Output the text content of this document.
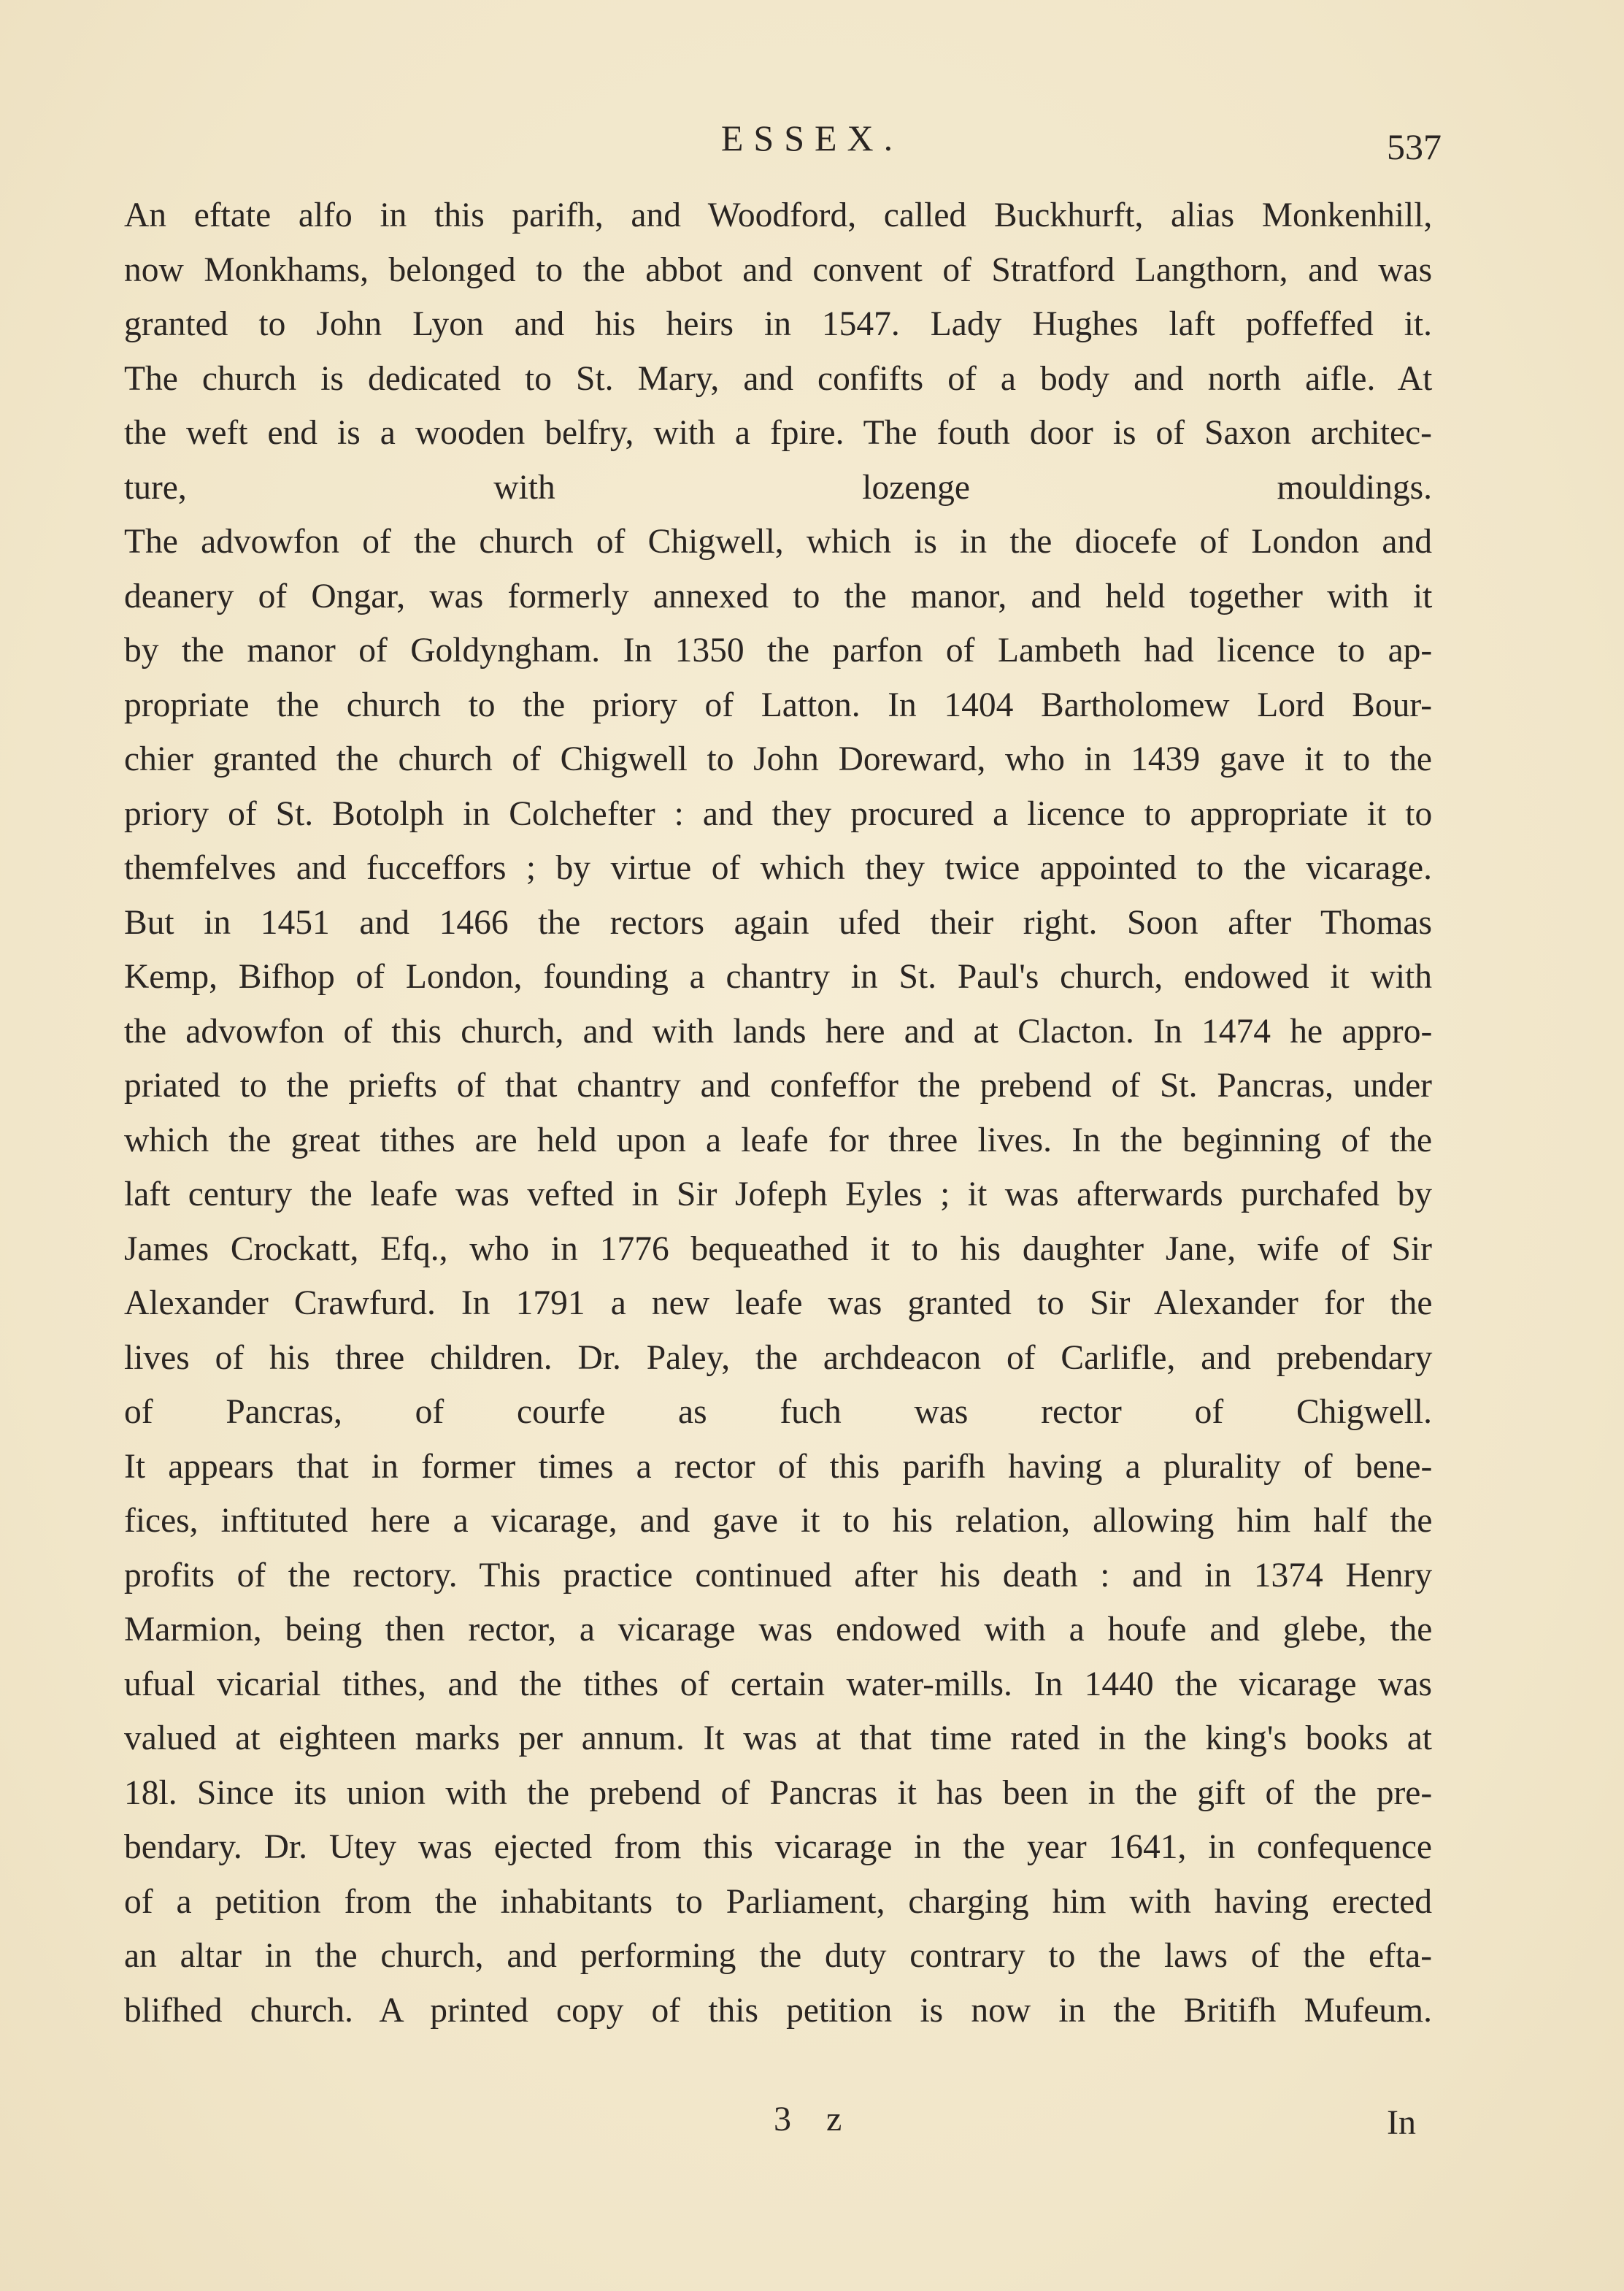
ESSEX.	537
An eftate alfo in this parifh, and Woodford, called Buckhurft, alias Monkenhill,
now Monkhams, belonged to the abbot and convent of Stratford Langthorn, and was
granted to John Lyon and his heirs in 1547. Lady Hughes laft poffeffed it.
The church is dedicated to St. Mary, and confifts of a body and north aifle. At
the weft end is a wooden belfry, with a fpire. The fouth door is of Saxon architec-
ture, with lozenge mouldings.
The advowfon of the church of Chigwell, which is in the diocefe of London and
deanery of Ongar, was formerly annexed to the manor, and held together with it
by the manor of Goldyngham. In 1350 the parfon of Lambeth had licence to ap-
propriate the church to the priory of Latton. In 1404 Bartholomew Lord Bour-
chier granted the church of Chigwell to John Doreward, who in 1439 gave it to the
priory of St. Botolph in Colchefter : and they procured a licence to appropriate it to
themfelves and fucceffors ; by virtue of which they twice appointed to the vicarage.
But in 1451 and 1466 the rectors again ufed their right. Soon after Thomas
Kemp, Bifhop of London, founding a chantry in St. Paul's church, endowed it with
the advowfon of this church, and with lands here and at Clacton. In 1474 he appro-
priated to the priefts of that chantry and confeffor the prebend of St. Pancras, under
which the great tithes are held upon a leafe for three lives. In the beginning of the
laft century the leafe was vefted in Sir Jofeph Eyles ; it was afterwards purchafed by
James Crockatt, Efq., who in 1776 bequeathed it to his daughter Jane, wife of Sir
Alexander Crawfurd. In 1791 a new leafe was granted to Sir Alexander for the
lives of his three children. Dr. Paley, the archdeacon of Carlifle, and prebendary
of Pancras, of courfe as fuch was rector of Chigwell.
It appears that in former times a rector of this parifh having a plurality of bene-
fices, inftituted here a vicarage, and gave it to his relation, allowing him half the
profits of the rectory. This practice continued after his death : and in 1374 Henry
Marmion, being then rector, a vicarage was endowed with a houfe and glebe, the
ufual vicarial tithes, and the tithes of certain water-mills. In 1440 the vicarage was
valued at eighteen marks per annum. It was at that time rated in the king's books at
18l. Since its union with the prebend of Pancras it has been in the gift of the pre-
bendary. Dr. Utey was ejected from this vicarage in the year 1641, in confequence
of a petition from the inhabitants to Parliament, charging him with having erected
an altar in the church, and performing the duty contrary to the laws of the efta-
blifhed church. A printed copy of this petition is now in the Britifh Mufeum.
3 z	In
